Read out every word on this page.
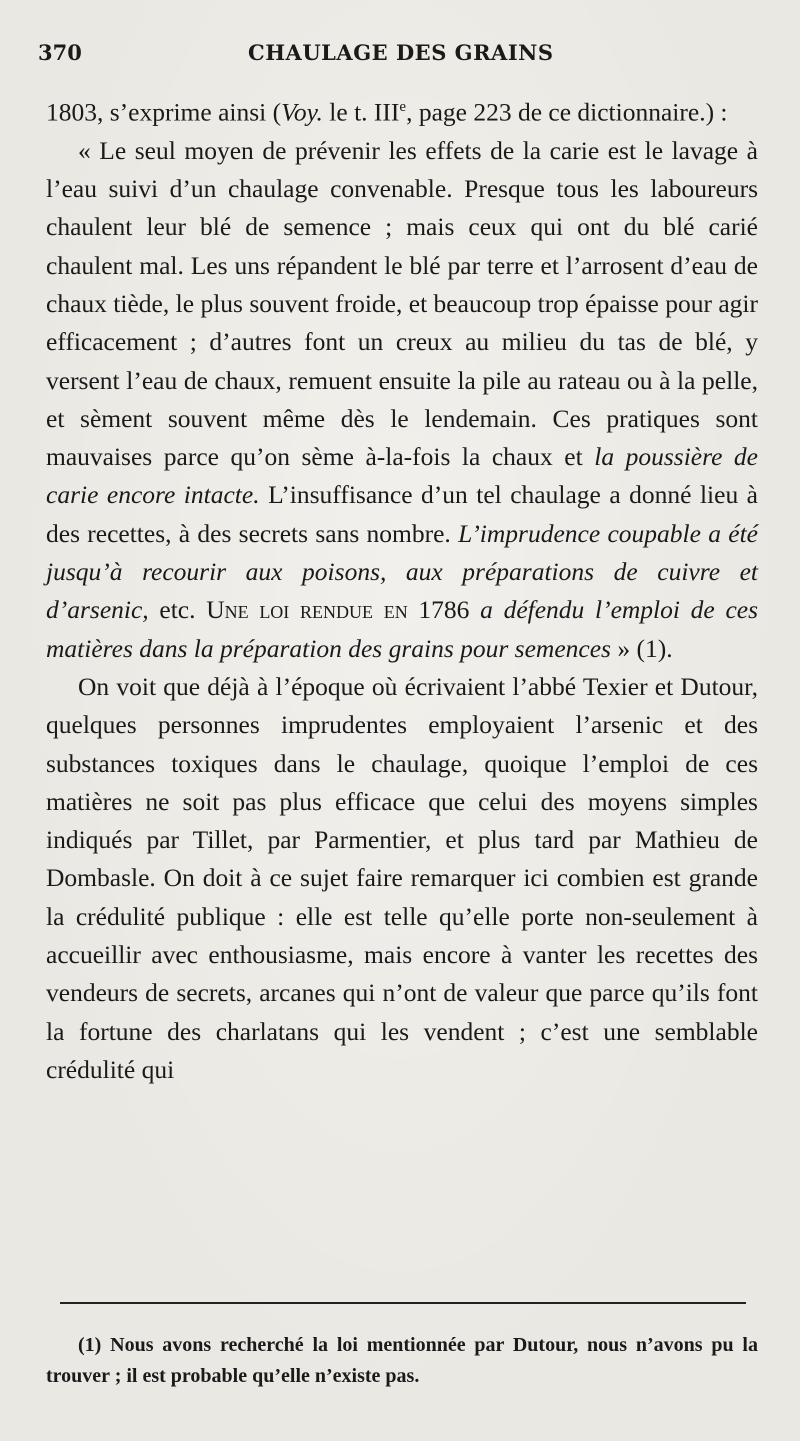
370	CHAULAGE DES GRAINS

1803, s’exprime ainsi (Voy. le t. IIIe, page 223 de ce dictionnaire.) :

« Le seul moyen de prévenir les effets de la carie est le lavage à l’eau suivi d’un chaulage convenable. Presque tous les laboureurs chaulent leur blé de semence ; mais ceux qui ont du blé carié chaulent mal. Les uns répandent le blé par terre et l’arrosent d’eau de chaux tiède, le plus souvent froide, et beaucoup trop épaisse pour agir efficacement ; d’autres font un creux au milieu du tas de blé, y versent l’eau de chaux, remuent ensuite la pile au rateau ou à la pelle, et sèment souvent même dès le lendemain. Ces pratiques sont mauvaises parce qu’on sème à-la-fois la chaux et la poussière de carie encore intacte. L’insuffisance d’un tel chaulage a donné lieu à des recettes, à des secrets sans nombre. L’imprudence coupable a été jusqu’à recourir aux poisons, aux préparations de cuivre et d’arsenic, etc. Une loi rendue en 1786 a défendu l’emploi de ces matières dans la préparation des grains pour semences » (1).

On voit que déjà à l’époque où écrivaient l’abbé Texier et Dutour, quelques personnes imprudentes employaient l’arsenic et des substances toxiques dans le chaulage, quoique l’emploi de ces matières ne soit pas plus efficace que celui des moyens simples indiqués par Tillet, par Parmentier, et plus tard par Mathieu de Dombasle. On doit à ce sujet faire remarquer ici combien est grande la crédulité publique : elle est telle qu’elle porte non-seulement à accueillir avec enthousiasme, mais encore à vanter les recettes des vendeurs de secrets, arcanes qui n’ont de valeur que parce qu’ils font la fortune des charlatans qui les vendent ; c’est une semblable crédulité qui

(1) Nous avons recherché la loi mentionnée par Dutour, nous n’avons pu la trouver ; il est probable qu’elle n’existe pas.
